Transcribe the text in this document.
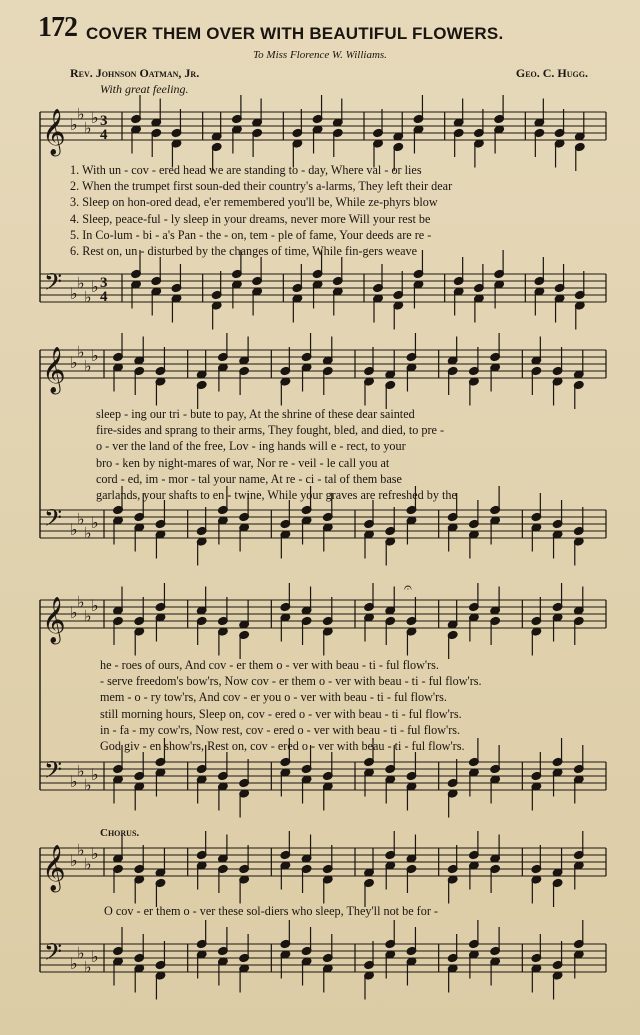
172 COVER THEM OVER WITH BEAUTIFUL FLOWERS.
To Miss Florence W. Williams.
Rev. Johnson Oatman, Jr.	Geo. C. Hugg.
With great feeling.
Chorus.
𝄞
𝄢
♭
♭
♭
♭
♭
♭
♭
♭
3
4
3
4
1. With un - cov - ered head we are standing to - day, Where val - or lies
2. When the trumpet first soun-ded their country's a-larms, They left their dear
3. Sleep on hon-ored dead, e'er remembered you'll be, While ze-phyrs blow
4. Sleep, peace-ful - ly sleep in your dreams, never more Will your rest be
5. In Co-lum - bi - a's Pan - the - on, tem - ple of fame, Your deeds are re -
6. Rest on, un - disturbed by the changes of time, While fin-gers weave
𝄞
𝄢
♭
♭
♭
♭
♭
♭
♭
♭
sleep - ing our tri - bute to pay, At the shrine of these dear sainted
fire-sides and sprang to their arms, They fought, bled, and died, to pre -
o - ver the land of the free, Lov - ing hands will e - rect, to your
bro - ken by night-mares of war, Nor re - veil - le call you at
cord - ed, im - mor - tal your name, At re - ci - tal of them base
garlands, your shafts to en - twine, While your graves are refreshed by the
𝄞
𝄢
♭
♭
♭
♭
♭
♭
♭
♭
𝄐
he - roes of ours, And cov - er them o - ver with beau - ti - ful flow'rs.
- serve freedom's bow'rs, Now cov - er them o - ver with beau - ti - ful flow'rs.
mem - o - ry tow'rs, And cov - er you o - ver with beau - ti - ful flow'rs.
still morning hours, Sleep on, cov - ered o - ver with beau - ti - ful flow'rs.
in - fa - my cow'rs, Now rest, cov - ered o - ver with beau - ti - ful flow'rs.
God giv - en show'rs, Rest on, cov - ered o - ver with beau - ti - ful flow'rs.
𝄞
𝄢
♭
♭
♭
♭
♭
♭
♭
♭
O cov - er them o - ver these sol-diers who sleep, They'll not be for -
